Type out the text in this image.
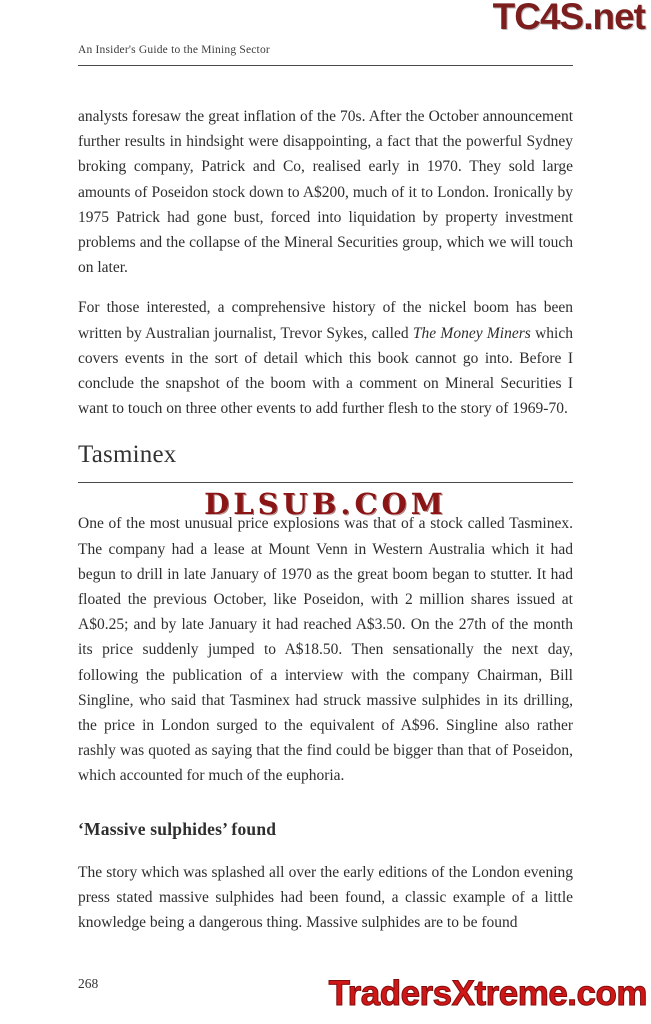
TC4S.net
An Insider's Guide to the Mining Sector

analysts foresaw the great inflation of the 70s. After the October announcement further results in hindsight were disappointing, a fact that the powerful Sydney broking company, Patrick and Co, realised early in 1970. They sold large amounts of Poseidon stock down to A$200, much of it to London. Ironically by 1975 Patrick had gone bust, forced into liquidation by property investment problems and the collapse of the Mineral Securities group, which we will touch on later.

For those interested, a comprehensive history of the nickel boom has been written by Australian journalist, Trevor Sykes, called The Money Miners which covers events in the sort of detail which this book cannot go into. Before I conclude the snapshot of the boom with a comment on Mineral Securities I want to touch on three other events to add further flesh to the story of 1969-70.

Tasminex

One of the most unusual price explosions was that of a stock called Tasminex. The company had a lease at Mount Venn in Western Australia which it had begun to drill in late January of 1970 as the great boom began to stutter. It had floated the previous October, like Poseidon, with 2 million shares issued at A$0.25; and by late January it had reached A$3.50. On the 27th of the month its price suddenly jumped to A$18.50. Then sensationally the next day, following the publication of a interview with the company Chairman, Bill Singline, who said that Tasminex had struck massive sulphides in its drilling, the price in London surged to the equivalent of A$96. Singline also rather rashly was quoted as saying that the find could be bigger than that of Poseidon, which accounted for much of the euphoria.

‘Massive sulphides’ found

The story which was splashed all over the early editions of the London evening press stated massive sulphides had been found, a classic example of a little knowledge being a dangerous thing. Massive sulphides are to be found

DLSUB.COM
268	TradersXtreme.com
